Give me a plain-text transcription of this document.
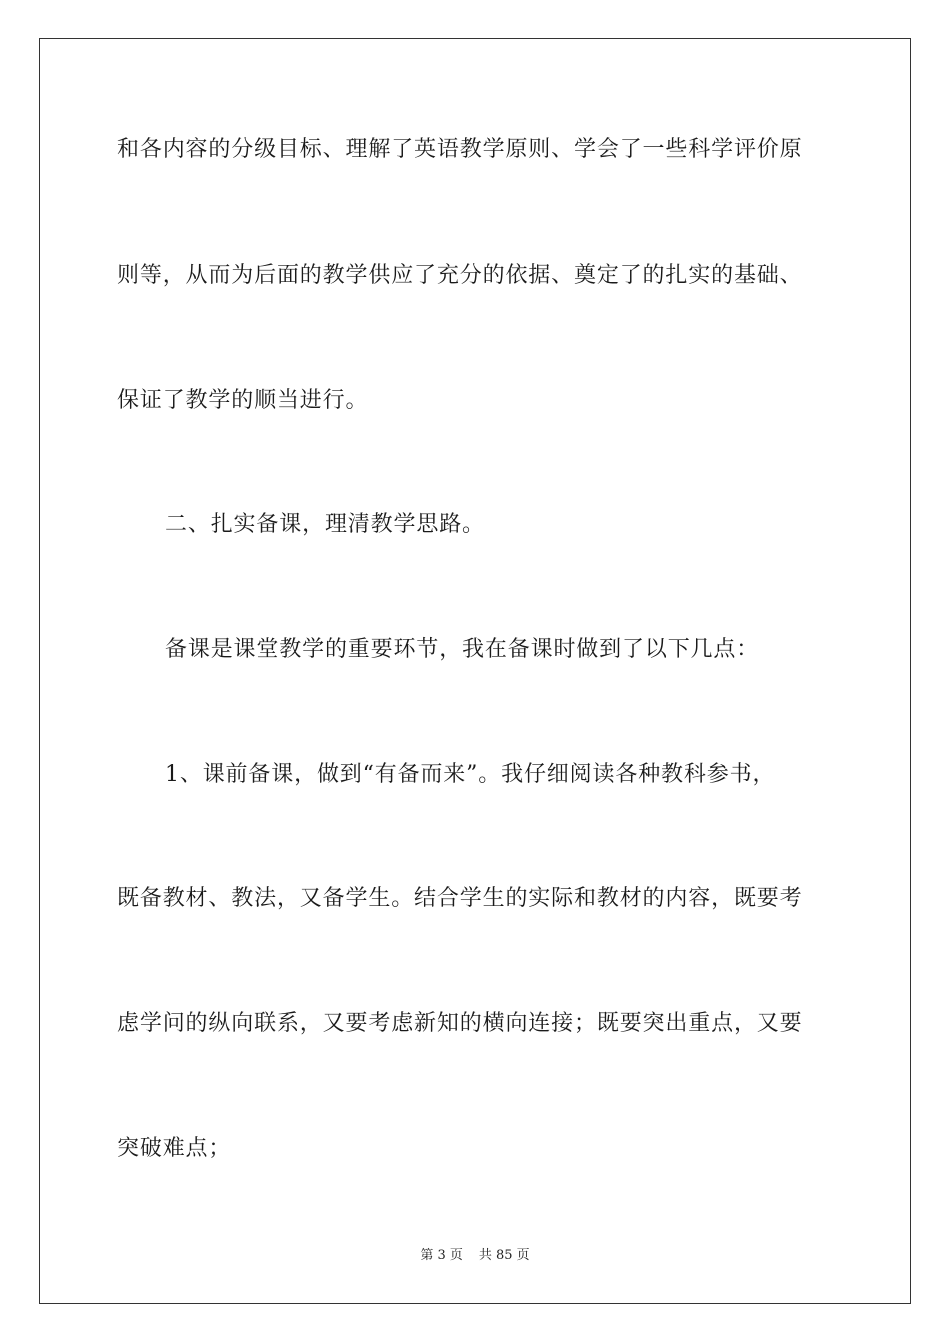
和各内容的分级目标、理解了英语教学原则、学会了一些科学评价原
则等，从而为后面的教学供应了充分的依据、奠定了的扎实的基础、
保证了教学的顺当进行。
二、扎实备课，理清教学思路。
备课是课堂教学的重要环节，我在备课时做到了以下几点：
1、课前备课，做到“有备而来”。我仔细阅读各种教科参书，
既备教材、教法，又备学生。结合学生的实际和教材的内容，既要考
虑学问的纵向联系，又要考虑新知的横向连接；既要突出重点，又要
突破难点；
第 3 页 共 85 页
